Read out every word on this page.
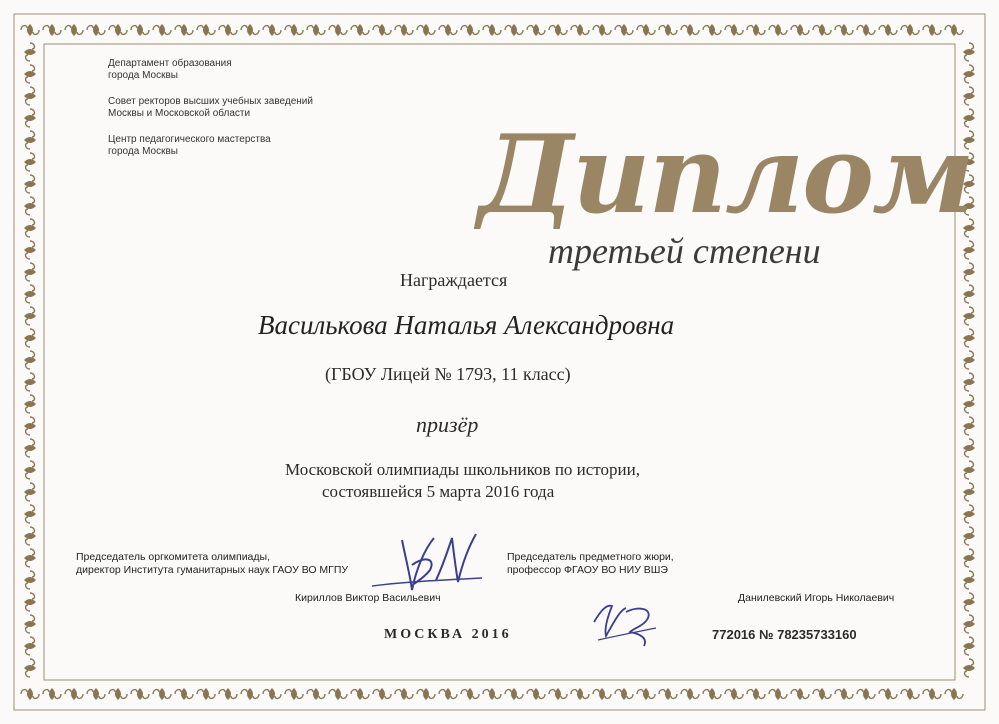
Департамент образования
города Москвы
Совет ректоров высших учебных заведений
Москвы и Московской области
Центр педагогического мастерства
города Москвы	Диплом
третьей степени
Награждается
Василькова Наталья Александровна
(ГБОУ Лицей № 1793, 11 класс)
призёр
Московской олимпиады школьников по истории,
состоявшейся 5 марта 2016 года
Председатель оргкомитета олимпиады,
директор Института гуманитарных наук ГАОУ ВО МГПУ
Кириллов Виктор Васильевич
Председатель предметного жюри,
профессор ФГАОУ ВО НИУ ВШЭ
Данилевский Игорь Николаевич
МОСКВА 2016	772016 № 78235733160
